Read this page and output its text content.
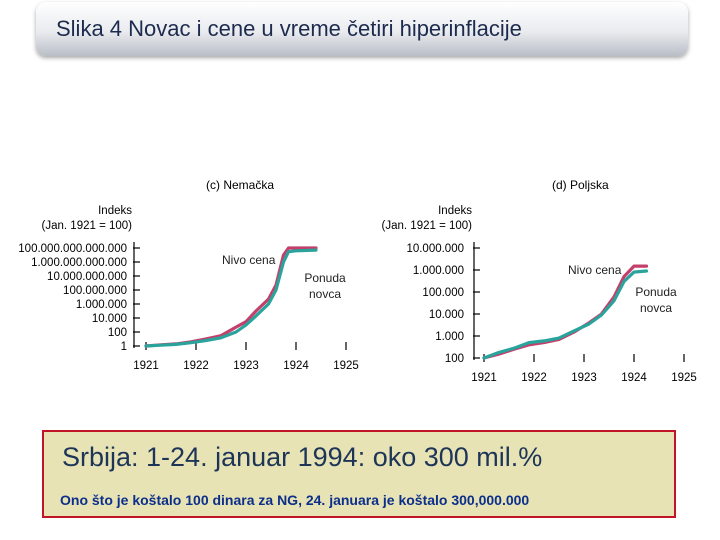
Slika 4 Novac i cene u vreme četiri hiperinflacije
(c) Nemačka
Indeks
(Jan. 1921 = 100)
1
100
10.000
1.000.000
100.000.000
10.000.000.000
1.000.000.000.000
100.000.000.000.000
1921 1922 1923 1924 1925
Nivo cena
Ponuda novca
(d) Poljska
Indeks
(Jan. 1921 = 100)
100
1.000
10.000
100.000
1.000.000
10.000.000
1921 1922 1923 1924 1925
Nivo cena
Ponuda novca
Srbija: 1-24. januar 1994: oko 300 mil.%
Ono što je koštalo 100 dinara za NG, 24. januara je koštalo 300,000.000
